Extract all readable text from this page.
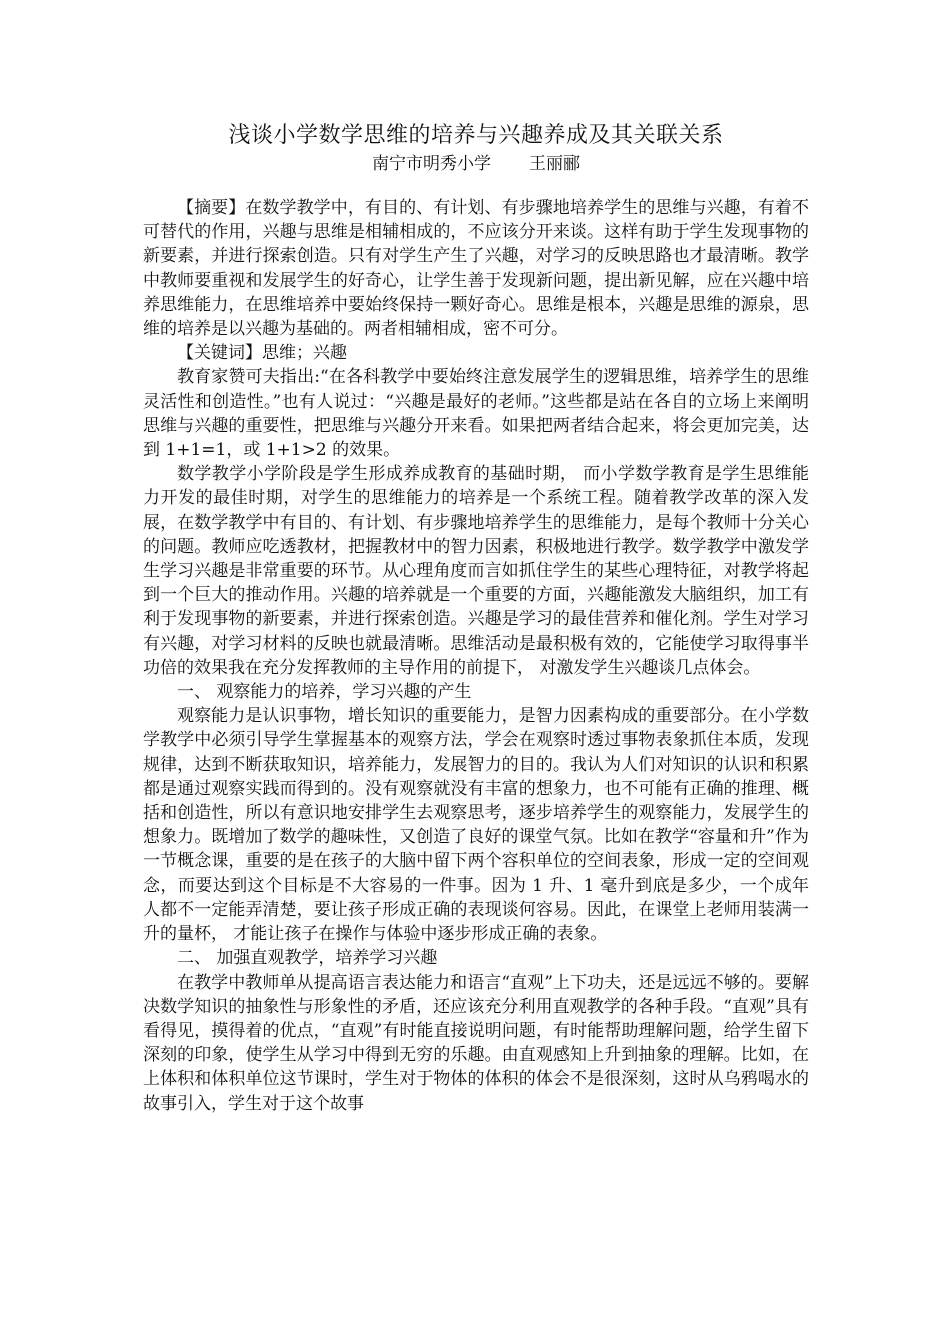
浅谈小学数学思维的培养与兴趣养成及其关联关系
南宁市明秀小学 王丽郦

【摘要】在数学教学中，有目的、有计划、有步骤地培养学生的思维与兴趣，有着不可替代的作用，兴趣与思维是相辅相成的，不应该分开来谈。这样有助于学生发现事物的新要素，并进行探索创造。只有对学生产生了兴趣，对学习的反映思路也才最清晰。教学中教师要重视和发展学生的好奇心，让学生善于发现新问题，提出新见解，应在兴趣中培养思维能力，在思维培养中要始终保持一颗好奇心。思维是根本，兴趣是思维的源泉，思维的培养是以兴趣为基础的。两者相辅相成，密不可分。

【关键词】思维；兴趣

教育家赞可夫指出:“在各科教学中要始终注意发展学生的逻辑思维，培养学生的思维灵活性和创造性。”也有人说过：“兴趣是最好的老师。”这些都是站在各自的立场上来阐明思维与兴趣的重要性，把思维与兴趣分开来看。如果把两者结合起来，将会更加完美，达到 1+1=1，或 1+1>2 的效果。

数学教学小学阶段是学生形成养成教育的基础时期， 而小学数学教育是学生思维能力开发的最佳时期，对学生的思维能力的培养是一个系统工程。随着教学改革的深入发展，在数学教学中有目的、有计划、有步骤地培养学生的思维能力，是每个教师十分关心的问题。教师应吃透教材，把握教材中的智力因素，积极地进行教学。数学教学中激发学生学习兴趣是非常重要的环节。从心理角度而言如抓住学生的某些心理特征，对教学将起到一个巨大的推动作用。兴趣的培养就是一个重要的方面，兴趣能激发大脑组织，加工有利于发现事物的新要素，并进行探索创造。兴趣是学习的最佳营养和催化剂。学生对学习有兴趣，对学习材料的反映也就最清晰。思维活动是最积极有效的，它能使学习取得事半功倍的效果我在充分发挥教师的主导作用的前提下， 对激发学生兴趣谈几点体会。

一、 观察能力的培养，学习兴趣的产生

观察能力是认识事物，增长知识的重要能力，是智力因素构成的重要部分。在小学数学教学中必须引导学生掌握基本的观察方法，学会在观察时透过事物表象抓住本质，发现规律，达到不断获取知识，培养能力，发展智力的目的。我认为人们对知识的认识和积累都是通过观察实践而得到的。没有观察就没有丰富的想象力，也不可能有正确的推理、概括和创造性，所以有意识地安排学生去观察思考，逐步培养学生的观察能力，发展学生的想象力。既增加了数学的趣味性，又创造了良好的课堂气氛。比如在教学“容量和升”作为一节概念课，重要的是在孩子的大脑中留下两个容积单位的空间表象，形成一定的空间观念，而要达到这个目标是不大容易的一件事。因为 1 升、1 毫升到底是多少，一个成年人都不一定能弄清楚，要让孩子形成正确的表现谈何容易。因此，在课堂上老师用装满一升的量杯， 才能让孩子在操作与体验中逐步形成正确的表象。

二、 加强直观教学，培养学习兴趣

在教学中教师单从提高语言表达能力和语言“直观”上下功夫，还是远远不够的。要解决数学知识的抽象性与形象性的矛盾，还应该充分利用直观教学的各种手段。“直观”具有看得见，摸得着的优点，“直观”有时能直接说明问题，有时能帮助理解问题，给学生留下深刻的印象，使学生从学习中得到无穷的乐趣。由直观感知上升到抽象的理解。比如，在上体积和体积单位这节课时，学生对于物体的体积的体会不是很深刻，这时从乌鸦喝水的故事引入，学生对于这个故事
